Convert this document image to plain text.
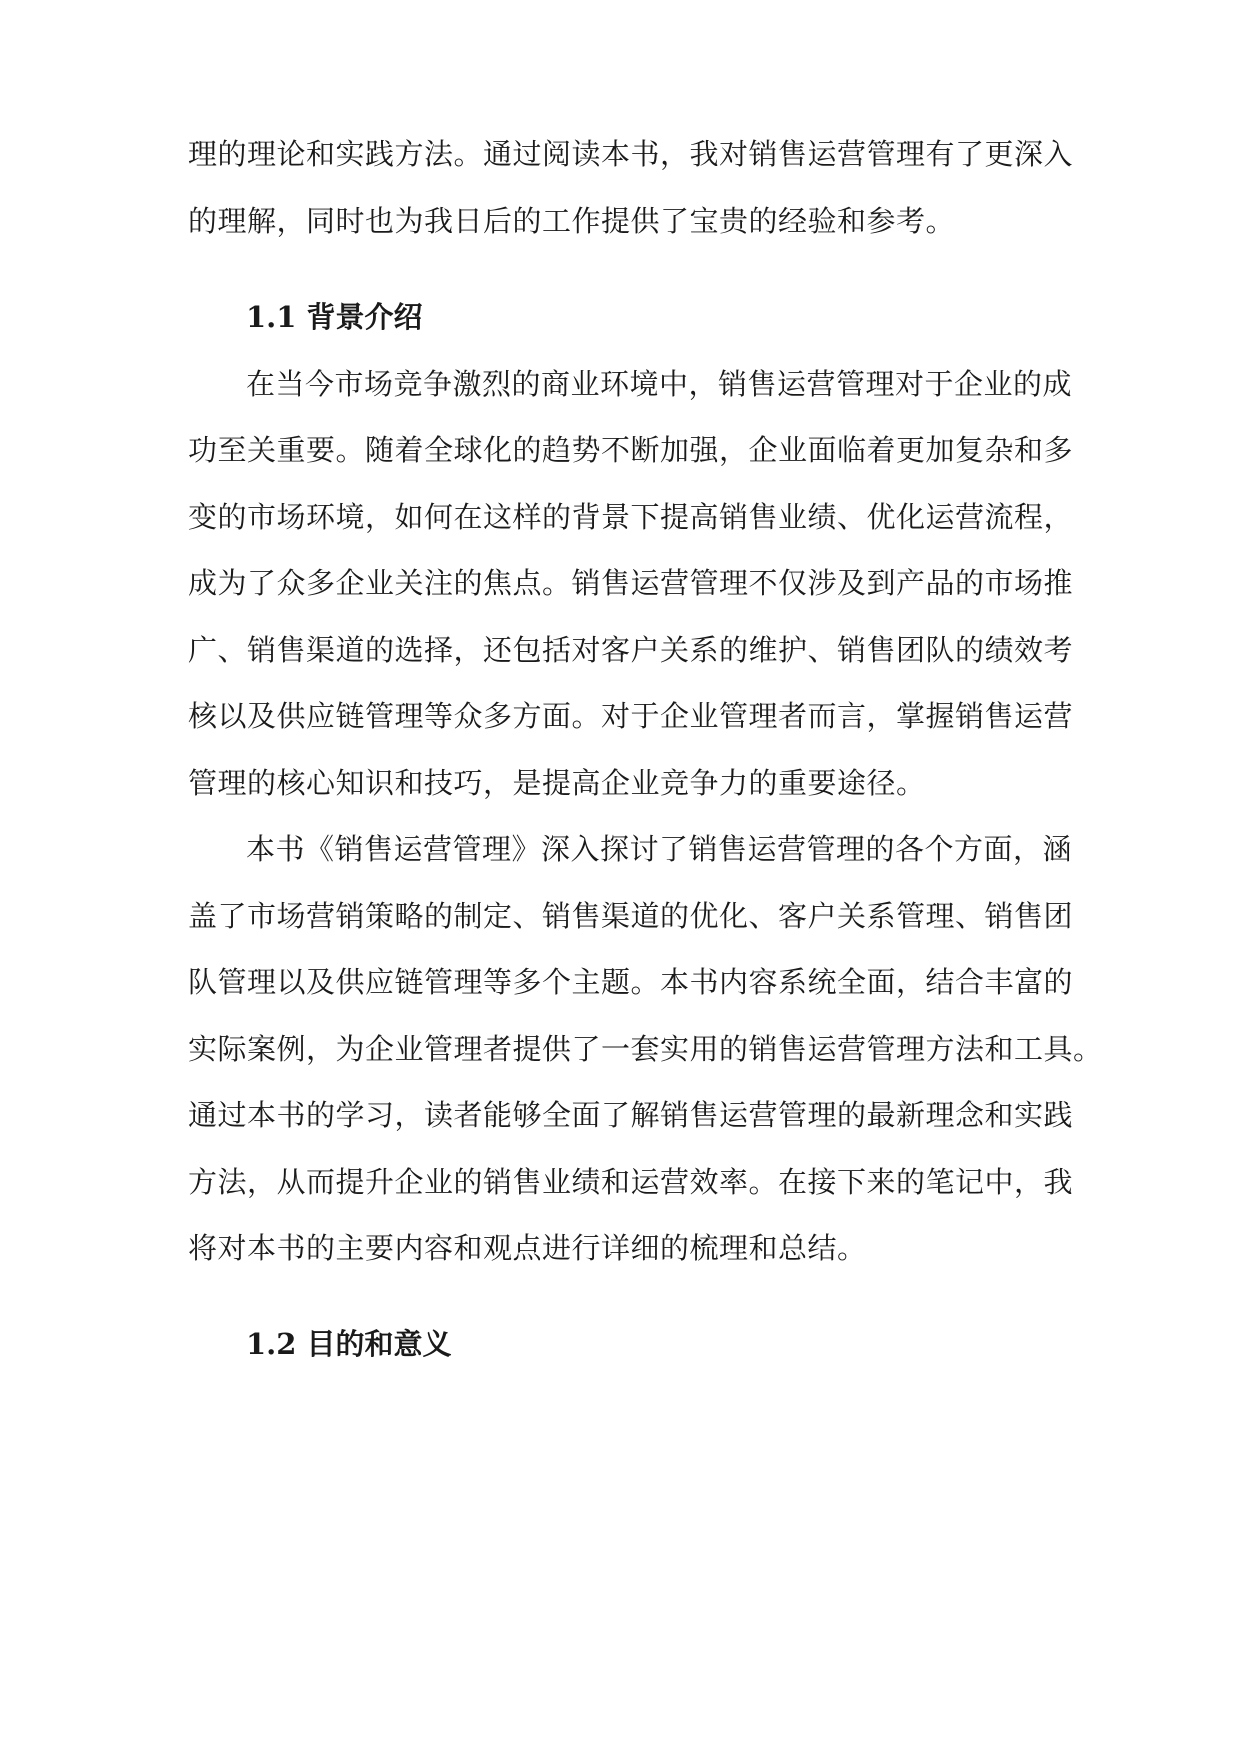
理的理论和实践方法。通过阅读本书，我对销售运营管理有了更深入
的理解，同时也为我日后的工作提供了宝贵的经验和参考。
1.1 背景介绍
在当今市场竞争激烈的商业环境中，销售运营管理对于企业的成
功至关重要。随着全球化的趋势不断加强，企业面临着更加复杂和多
变的市场环境，如何在这样的背景下提高销售业绩、优化运营流程，
成为了众多企业关注的焦点。销售运营管理不仅涉及到产品的市场推
广、销售渠道的选择，还包括对客户关系的维护、销售团队的绩效考
核以及供应链管理等众多方面。对于企业管理者而言，掌握销售运营
管理的核心知识和技巧，是提高企业竞争力的重要途径。
本书《销售运营管理》深入探讨了销售运营管理的各个方面，涵
盖了市场营销策略的制定、销售渠道的优化、客户关系管理、销售团
队管理以及供应链管理等多个主题。本书内容系统全面，结合丰富的
实际案例，为企业管理者提供了一套实用的销售运营管理方法和工具。
通过本书的学习，读者能够全面了解销售运营管理的最新理念和实践
方法，从而提升企业的销售业绩和运营效率。在接下来的笔记中，我
将对本书的主要内容和观点进行详细的梳理和总结。
1.2 目的和意义
